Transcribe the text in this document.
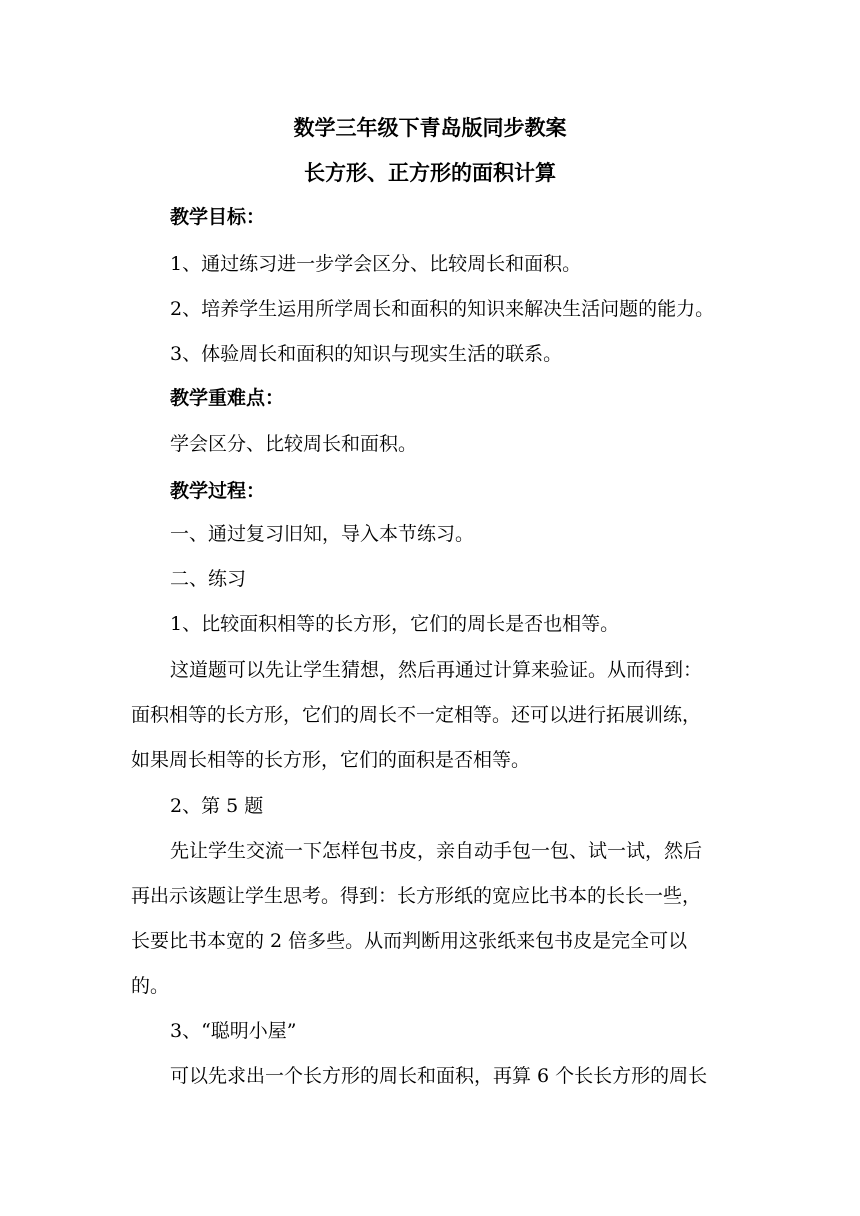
数学三年级下青岛版同步教案
长方形、正方形的面积计算
教学目标：
1、通过练习进一步学会区分、比较周长和面积。
2、培养学生运用所学周长和面积的知识来解决生活问题的能力。
3、体验周长和面积的知识与现实生活的联系。
教学重难点：
学会区分、比较周长和面积。
教学过程：
一、通过复习旧知，导入本节练习。
二、练习
1、比较面积相等的长方形，它们的周长是否也相等。
这道题可以先让学生猜想，然后再通过计算来验证。从而得到：
面积相等的长方形，它们的周长不一定相等。还可以进行拓展训练，
如果周长相等的长方形，它们的面积是否相等。
2、第 5 题
先让学生交流一下怎样包书皮，亲自动手包一包、试一试，然后
再出示该题让学生思考。得到：长方形纸的宽应比书本的长长一些，
长要比书本宽的 2 倍多些。从而判断用这张纸来包书皮是完全可以
的。
3、“聪明小屋”
可以先求出一个长方形的周长和面积，再算 6 个长长方形的周长
